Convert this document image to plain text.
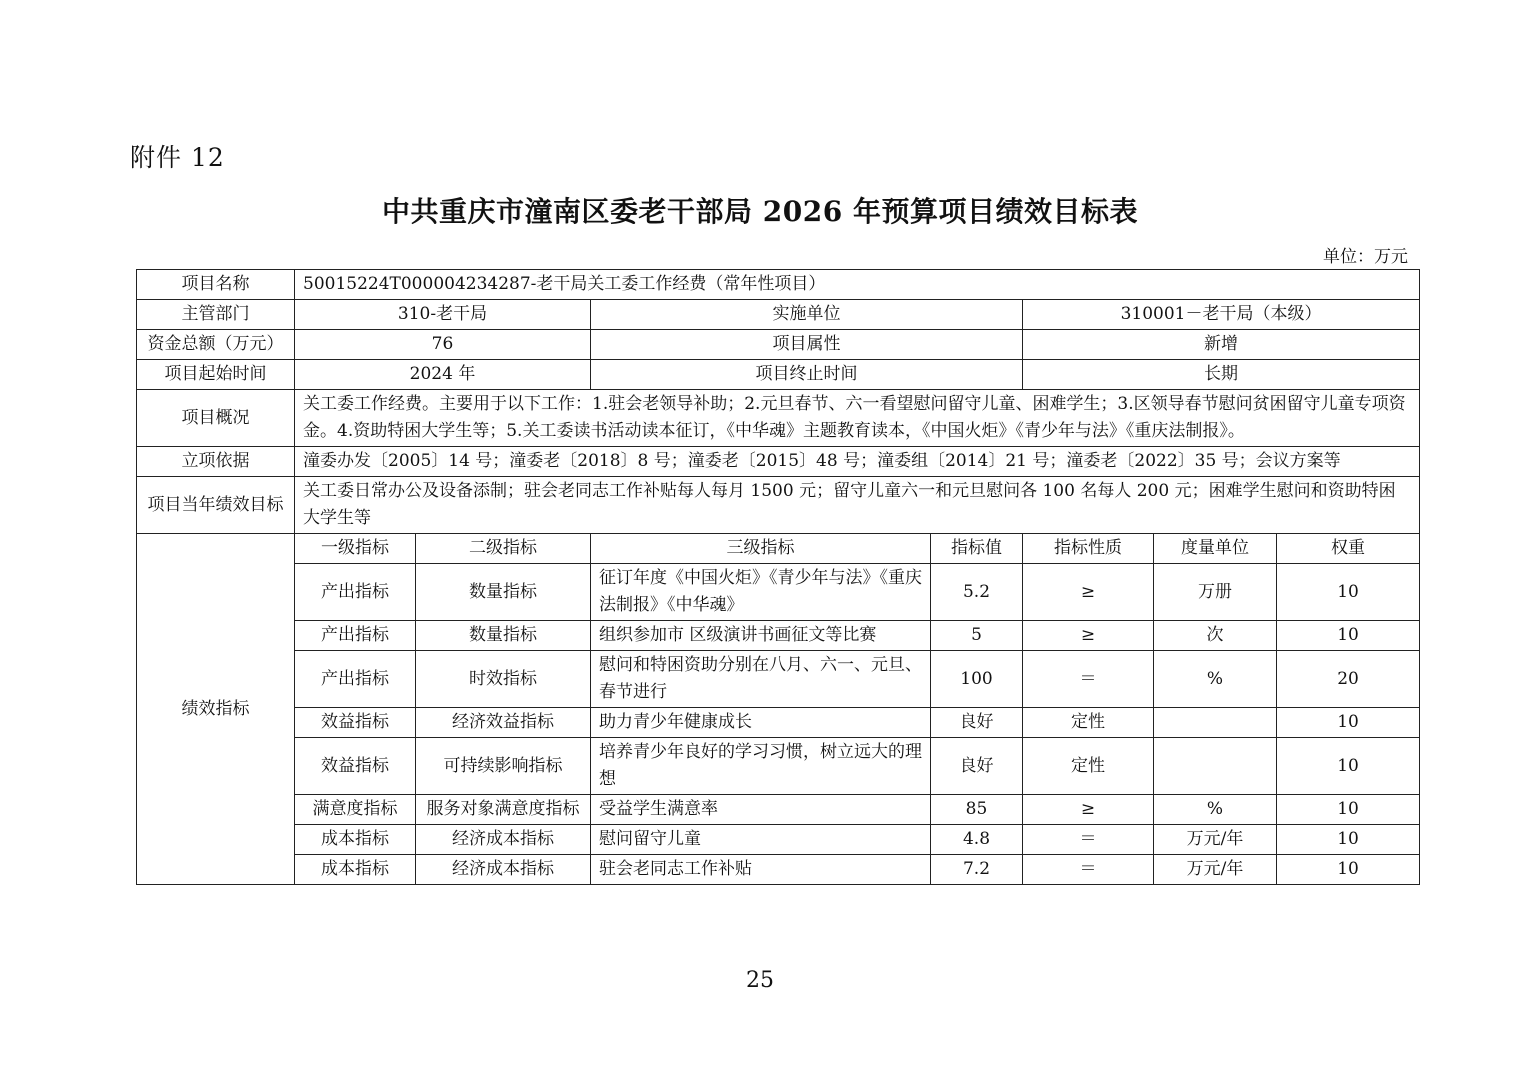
附件 12
中共重庆市潼南区委老干部局 2026 年预算项目绩效目标表
单位：万元
项目名称	50015224T000004234287-老干局关工委工作经费（常年性项目）						
主管部门	310-老干局		实施单位		310001－老干局（本级）		
资金总额（万元）	76		项目属性		新增		
项目起始时间	2024 年		项目终止时间		长期		
项目概况	关工委工作经费。主要用于以下工作：1.驻会老领导补助；2.元旦春节、六一看望慰问留守儿童、困难学生；3.区领导春节慰问贫困留守儿童专项资金。4.资助特困大学生等；5.关工委读书活动读本征订，《中华魂》主题教育读本，《中国火炬》《青少年与法》《重庆法制报》。						
立项依据	潼委办发〔2005〕14 号；潼委老〔2018〕8 号；潼委老〔2015〕48 号；潼委组〔2014〕21 号；潼委老〔2022〕35 号；会议方案等						
项目当年绩效目标	关工委日常办公及设备添制；驻会老同志工作补贴每人每月 1500 元；留守儿童六一和元旦慰问各 100 名每人 200 元；困难学生慰问和资助特困大学生等						
绩效指标	一级指标	二级指标	三级指标	指标值	指标性质	度量单位	权重
	产出指标	数量指标	征订年度《中国火炬》《青少年与法》《重庆法制报》《中华魂》	5.2	≥	万册	10
	产出指标	数量指标	组织参加市 区级演讲书画征文等比赛	5	≥	次	10
	产出指标	时效指标	慰问和特困资助分别在八月、六一、元旦、春节进行	100	＝	%	20
	效益指标	经济效益指标	助力青少年健康成长	良好	定性		10
	效益指标	可持续影响指标	培养青少年良好的学习习惯，树立远大的理想	良好	定性		10
	满意度指标	服务对象满意度指标	受益学生满意率	85	≥	%	10
	成本指标	经济成本指标	慰问留守儿童	4.8	＝	万元/年	10
	成本指标	经济成本指标	驻会老同志工作补贴	7.2	＝	万元/年	10
25
